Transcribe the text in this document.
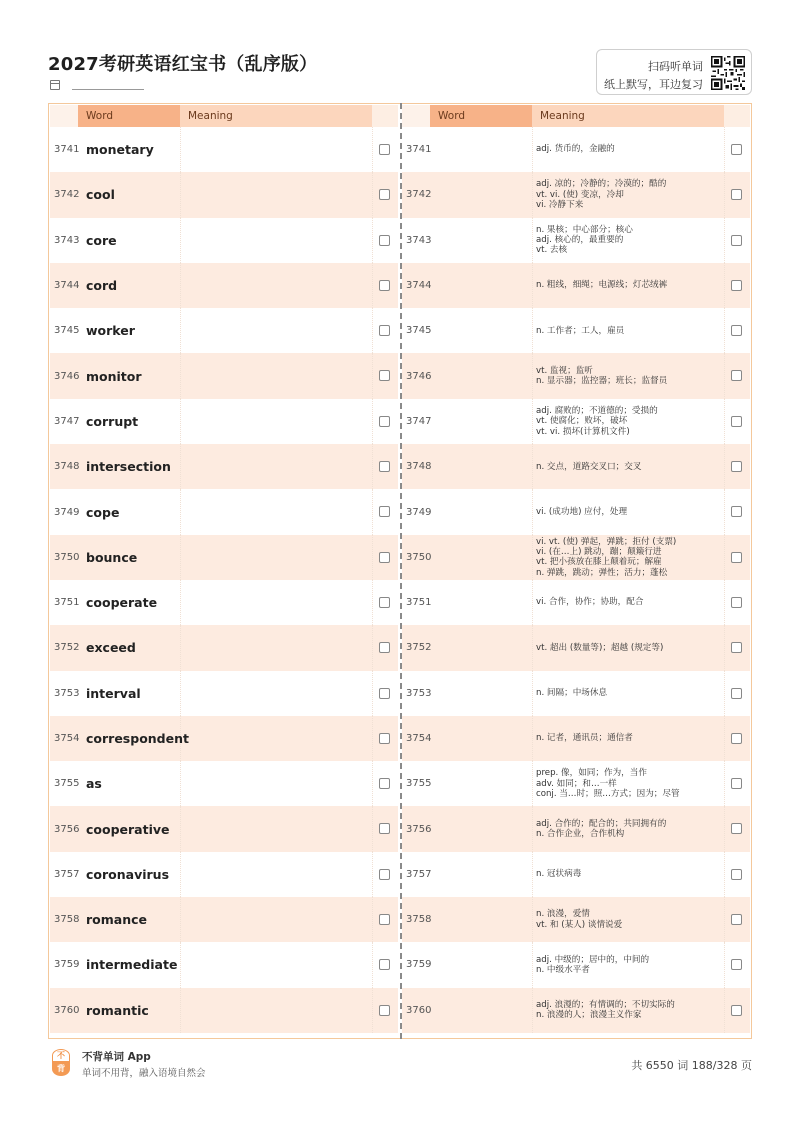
2027考研英语红宝书（乱序版）	扫码听单词
纸上默写，耳边复习
Word	Meaning
3741 monetary
3742 cool
3743 core
3744 cord
3745 worker
3746 monitor
3747 corrupt
3748 intersection
3749 cope
3750 bounce
3751 cooperate
3752 exceed
3753 interval
3754 correspondent
3755 as
3756 cooperative
3757 coronavirus
3758 romance
3759 intermediate
3760 romantic
Word	Meaning
3741	adj. 货币的，金融的
3742
adj. 凉的；冷静的；冷漠的；酷的
vt. vi. (使) 变凉，冷却
vi. 冷静下来
3743
n. 果核；中心部分；核心
adj. 核心的，最重要的
vt. 去核
3744	n. 粗线，细绳；电源线；灯芯绒裤
3745	n. 工作者；工人，雇员
3746	vt. 监视；监听
n. 显示器；监控器；班长；监督员
3747
adj. 腐败的；不道德的；受损的
vt. 使腐化；败坏，破坏
vt. vi. 损坏(计算机文件)
3748	n. 交点，道路交叉口；交叉
3749	vi. (成功地) 应付，处理
3750
vi. vt. (使) 弹起，弹跳；拒付 (支票)
vi. (在…上) 跳动，蹦；颠簸行进
vt. 把小孩放在膝上颠着玩；解雇
n. 弹跳，跳动；弹性；活力；蓬松
3751	vi. 合作，协作；协助，配合
3752	vt. 超出 (数量等)；超越 (规定等)
3753	n. 间隔；中场休息
3754	n. 记者，通讯员；通信者
3755
prep. 像，如同；作为，当作
adv. 如同；和…一样
conj. 当…时；照…方式；因为；尽管
3756	adj. 合作的；配合的；共同拥有的
n. 合作企业，合作机构
3757	n. 冠状病毒
3758	n. 浪漫，爱情
vt. 和 (某人) 谈情说爱
3759	adj. 中级的；居中的，中间的
n. 中级水平者
3760	adj. 浪漫的；有情调的；不切实际的
n. 浪漫的人；浪漫主义作家
不
背
不背单词 App
单词不用背，融入语境自然会
共 6550 词 188/328 页
